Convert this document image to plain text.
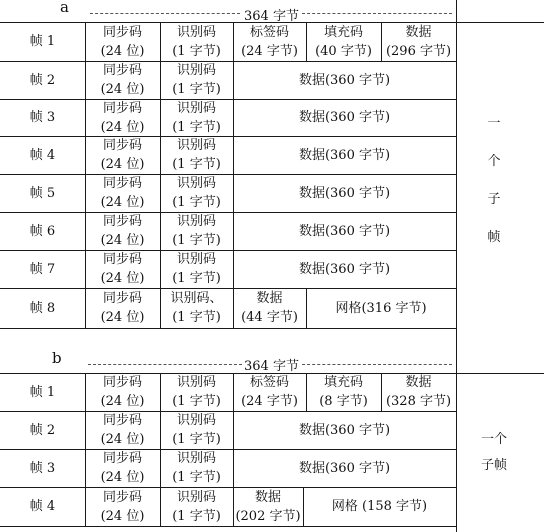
a
364 字节
帧 1
同步码
(24 位)
识别码
(1 字节)
标签码
(24 字节)
填充码
(40 字节)
数据
(296 字节)
帧 2
同步码
(24 位)
识别码
(1 字节)
数据(360 字节)
帧 3
同步码
(24 位)
识别码
(1 字节)
数据(360 字节)
帧 4
同步码
(24 位)
识别码
(1 字节)
数据(360 字节)
帧 5
同步码
(24 位)
识别码
(1 字节)
数据(360 字节)
帧 6
同步码
(24 位)
识别码
(1 字节)
数据(360 字节)
帧 7
同步码
(24 位)
识别码
(1 字节)
数据(360 字节)
帧 8
同步码
(24 位)
识别码、
(1 字节)
数据
(44 字节)
网格(316 字节)
一
个
子
帧
b	364 字节
帧 1
同步码
(24 位)
识别码
(1 字节)
标签码
(24 字节)
填充码
(8 字节)
数据
(328 字节)
帧 2
同步码
(24 位)
识别码
(1 字节)
数据(360 字节)
帧 3
同步码
(24 位)
识别码
(1 字节)
数据(360 字节)
帧 4
同步码
(24 位)
识别码
(1 字节)
数据
(202 字节)
网格 (158 字节)
一个
子帧
